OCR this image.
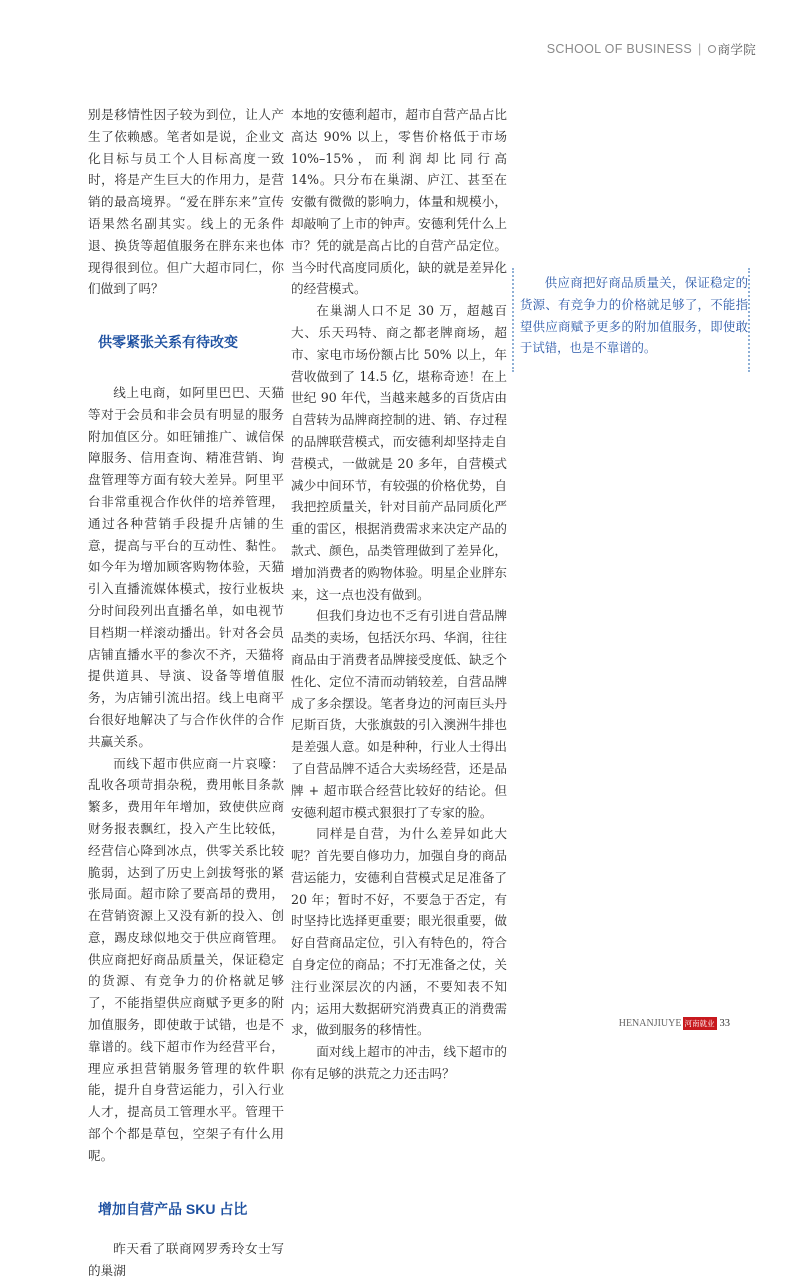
SCHOOL OF BUSINESS | 商学院

别是移情性因子较为到位，让人产生了依赖感。笔者如是说，企业文化目标与员工个人目标高度一致时，将是产生巨大的作用力，是营销的最高境界。“爱在胖东来”宣传语果然名副其实。线上的无条件退、换货等超值服务在胖东来也体现得很到位。但广大超市同仁，你们做到了吗？

供零紧张关系有待改变

线上电商，如阿里巴巴、天猫等对于会员和非会员有明显的服务附加值区分。如旺铺推广、诚信保障服务、信用查询、精准营销、询盘管理等方面有较大差异。阿里平台非常重视合作伙伴的培养管理，通过各种营销手段提升店铺的生意，提高与平台的互动性、黏性。如今年为增加顾客购物体验，天猫引入直播流媒体模式，按行业板块分时间段列出直播名单，如电视节目档期一样滚动播出。针对各会员店铺直播水平的参次不齐，天猫将提供道具、导演、设备等增值服务，为店铺引流出招。线上电商平台很好地解决了与合作伙伴的合作共赢关系。

而线下超市供应商一片哀嚎：乱收各项苛捐杂税，费用帐目条款繁多，费用年年增加，致使供应商财务报表飘红，投入产生比较低，经营信心降到冰点，供零关系比较脆弱，达到了历史上剑拔弩张的紧张局面。超市除了要高昂的费用，在营销资源上又没有新的投入、创意，踢皮球似地交于供应商管理。供应商把好商品质量关，保证稳定的货源、有竞争力的价格就足够了，不能指望供应商赋予更多的附加值服务，即使敢于试错，也是不靠谱的。线下超市作为经营平台，理应承担营销服务管理的软件职能，提升自身营运能力，引入行业人才，提高员工管理水平。管理干部个个都是草包，空架子有什么用呢。

增加自营产品 SKU 占比

昨天看了联商网罗秀玲女士写的巢湖

本地的安德利超市，超市自营产品占比高达 90% 以上，零售价格低于市场 10%–15%，而利润却比同行高 14%。只分布在巢湖、庐江、甚至在安徽有微微的影响力，体量和规模小，却敲响了上市的钟声。安德利凭什么上市？凭的就是高占比的自营产品定位。当今时代高度同质化，缺的就是差异化的经营模式。

在巢湖人口不足 30 万，超越百大、乐天玛特、商之都老牌商场，超市、家电市场份额占比 50% 以上，年营收做到了 14.5 亿，堪称奇迹！在上世纪 90 年代，当越来越多的百货店由自营转为品牌商控制的进、销、存过程的品牌联营模式，而安德利却坚持走自营模式，一做就是 20 多年，自营模式减少中间环节，有较强的价格优势，自我把控质量关，针对目前产品同质化严重的雷区，根据消费需求来决定产品的款式、颜色，品类管理做到了差异化，增加消费者的购物体验。明星企业胖东来，这一点也没有做到。

但我们身边也不乏有引进自营品牌品类的卖场，包括沃尔玛、华润，往往商品由于消费者品牌接受度低、缺乏个性化、定位不清而动销较差，自营品牌成了多余摆设。笔者身边的河南巨头丹尼斯百货，大张旗鼓的引入澳洲牛排也是差强人意。如是种种，行业人士得出了自营品牌不适合大卖场经营，还是品牌 + 超市联合经营比较好的结论。但安德利超市模式狠狠打了专家的脸。

同样是自营，为什么差异如此大呢？首先要自修功力，加强自身的商品营运能力，安德利自营模式足足准备了 20 年；暂时不好，不要急于否定，有时坚持比选择更重要；眼光很重要，做好自营商品定位，引入有特色的，符合自身定位的商品；不打无准备之仗，关注行业深层次的内涵，不要知表不知内；运用大数据研究消费真正的消费需求，做到服务的移情性。

面对线上超市的冲击，线下超市的你有足够的洪荒之力还击吗？

供应商把好商品质量关，保证稳定的货源、有竞争力的价格就足够了，不能指望供应商赋予更多的附加值服务，即使敢于试错，也是不靠谱的。

HENANJIUYE 河南就业 33
